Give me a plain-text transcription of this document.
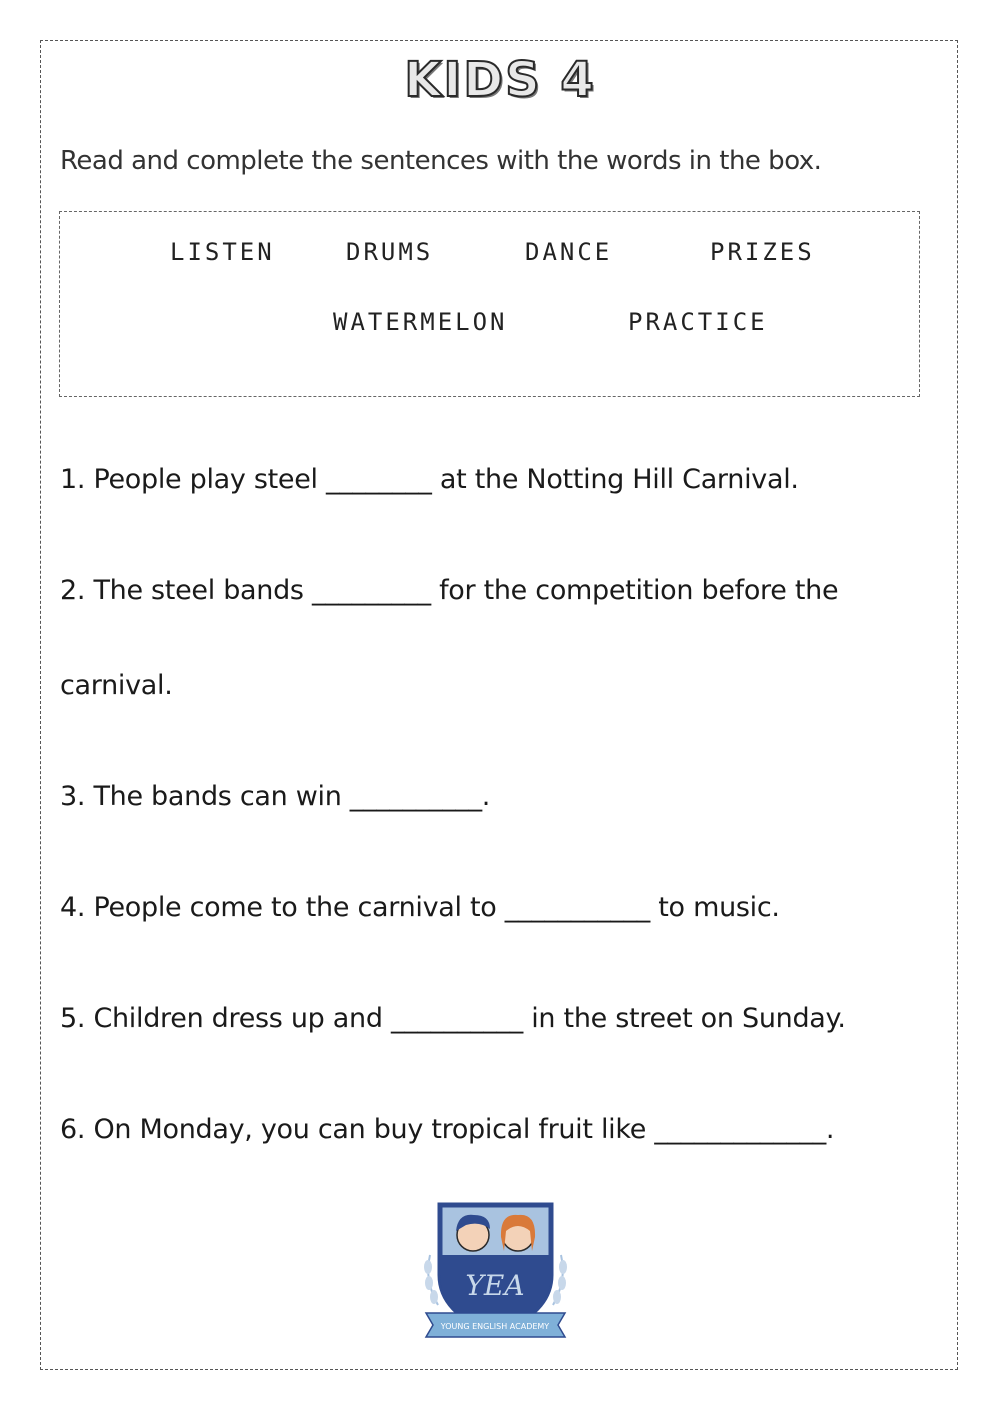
KIDS 4
Read and complete the sentences with the words in the box.
LISTEN	DRUMS	DANCE	PRIZES
WATERMELON	PRACTICE
1. People play steel ________ at the Notting Hill Carnival.
2. The steel bands _________ for the competition before the
carnival.
3. The bands can win __________.
4. People come to the carnival to ___________ to music.
5. Children dress up and __________ in the street on Sunday.
6. On Monday, you can buy tropical fruit like _____________.
YEA
YOUNG ENGLISH ACADEMY
